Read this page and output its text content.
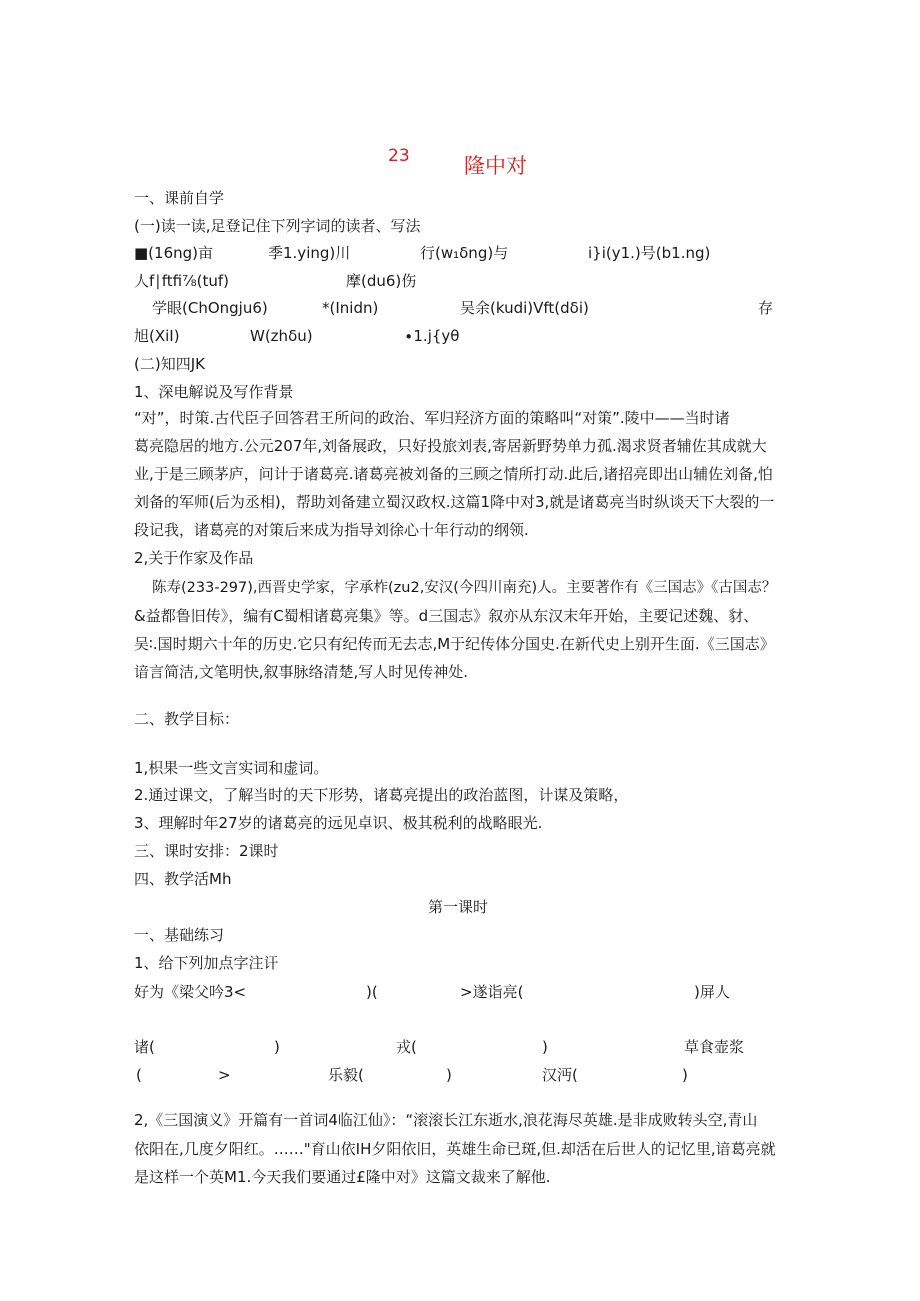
23	隆中对
一、课前自学
(一)读一读,足登记住下列字词的读者、写法
■(16ng)亩	季1.ying)川	行(w₁δng)与	i}i(y1.)号(b1.ng)
人f∣ftfi⅞(tuf)	摩(du6)伤
学眼(ChOngju6)	*(Inidn)	吴余(kudi)Vft(dδi)	存
旭(XiI)	W(zhδu)	∙1.j{yθ
(二)知四JK
1、深电解说及写作背景
“对”，时策.古代臣子回答君王所问的政治、军归羟济方面的策略叫“对策”.陵中——当时诸
葛亮隐居的地方.公元207年,刘备展政，只好投旅刘表,寄居新野势单力孤.渴求贤者辅佐其成就大
业,于是三顾茅庐，问计于诸葛亮.诸葛亮被刘备的三顾之情所打动.此后,诸招亮即出山辅佐刘备,怕
刘备的军师(后为丞相)，帮助刘备建立蜀汉政权.这篇1降中对3,就是诸葛亮当时纵谈天下大裂的一
段记我，诸葛亮的对策后来成为指导刘徐心十年行动的纲领.
2,关于作家及作品
陈寿(233-297),西晋史学家，字承柞(zu2,安汉(今四川南充)人。主要著作有《三国志》《古国志？
&益都鲁旧传》，编有C蜀相诸葛亮集》等。d三国志》叙亦从东汉末年开始，主要记述魏、豺、
吴∶.国时期六十年的历史.它只有纪传而无去志,M于纪传体分国史.在新代史上别开生面.《三国志》
谙言简洁,文笔明快,叙事脉络清楚,写人时见传神处.
二、教学目标：
1,枳果一些文言实词和虚词。
2.通过课文，了解当时的天下形势，诸葛亮提出的政治蓝图，计谋及策略，
3、理解时年27岁的诸葛亮的远见卓识、极其税利的战略眼光.
三、课时安排：2课时
四、教学活Mh
第一课时
一、基础练习
1、给下列加点字注讦
好为《梁父吟3<	)(	>遂诣亮(	)屏人
诸(	)	戎(	)	草食壶浆
(	>	乐毅(	)	汉沔(	)
2,《三国演义》开篇有一首词4临江仙》：“滚滚长江东逝水,浪花海尽英雄.是非成败转头空,青山
依阳在,几度夕阳红。……"育山依IH夕阳依旧，英雄生命已斑,但.却活在后世人的记忆里,谙葛亮就
是这样一个英M1.今天我们要通过£隆中对》这篇文裁来了解他.
